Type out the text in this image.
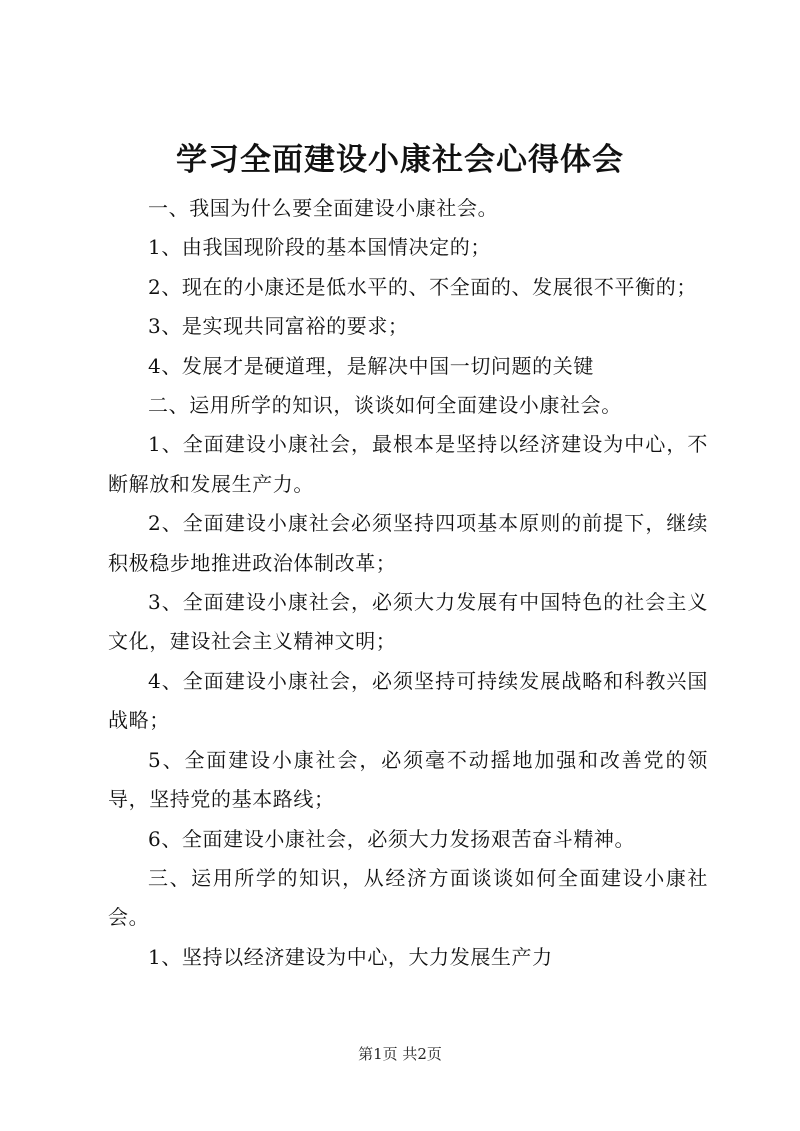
学习全面建设小康社会心得体会

一、我国为什么要全面建设小康社会。

1、由我国现阶段的基本国情决定的；

2、现在的小康还是低水平的、不全面的、发展很不平衡的；

3、是实现共同富裕的要求；

4、发展才是硬道理，是解决中国一切问题的关键

二、运用所学的知识，谈谈如何全面建设小康社会。

1、全面建设小康社会，最根本是坚持以经济建设为中心，不断解放和发展生产力。

2、全面建设小康社会必须坚持四项基本原则的前提下，继续积极稳步地推进政治体制改革；

3、全面建设小康社会，必须大力发展有中国特色的社会主义文化，建设社会主义精神文明；

4、全面建设小康社会，必须坚持可持续发展战略和科教兴国战略；

5、全面建设小康社会，必须毫不动摇地加强和改善党的领导，坚持党的基本路线；

6、全面建设小康社会，必须大力发扬艰苦奋斗精神。

三、运用所学的知识，从经济方面谈谈如何全面建设小康社会。

1、坚持以经济建设为中心，大力发展生产力

第1页 共2页
